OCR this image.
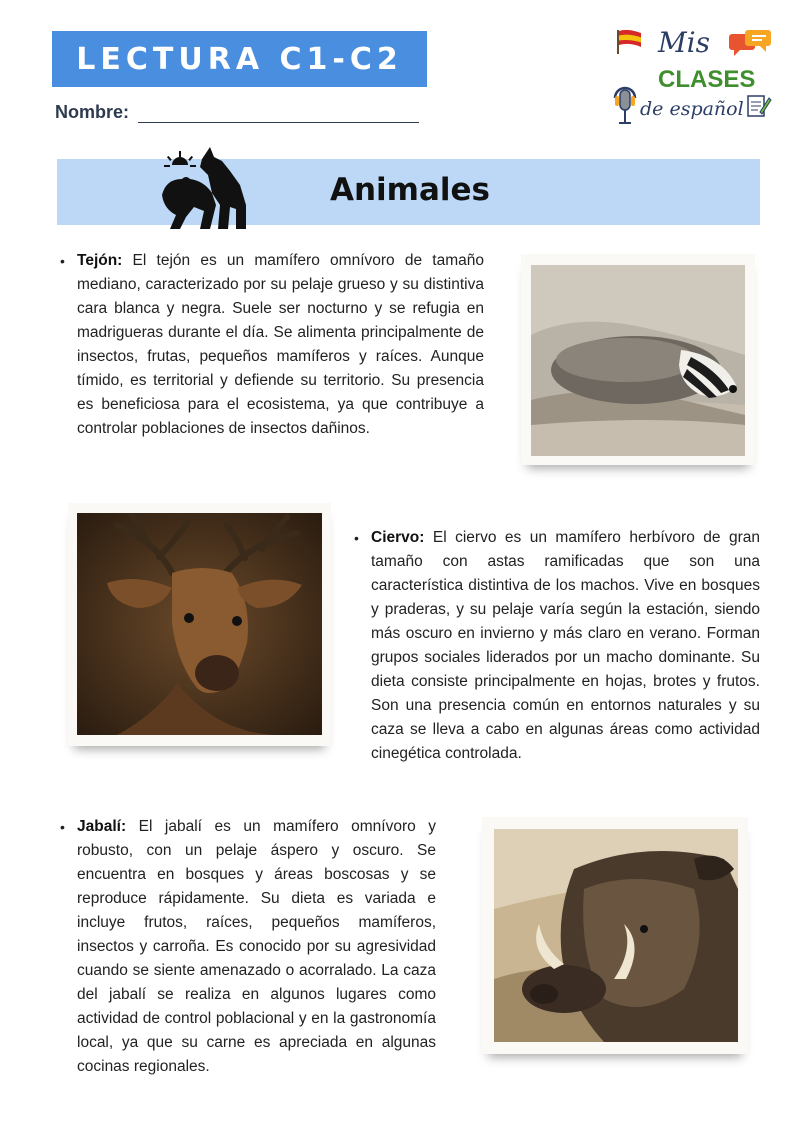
LECTURA C1-C2
Nombre:
Mis
CLASES
de español
Animales

• Tejón: El tejón es un mamífero omnívoro de tamaño mediano, caracterizado por su pelaje grueso y su distintiva cara blanca y negra. Suele ser nocturno y se refugia en madrigueras durante el día. Se alimenta principalmente de insectos, frutas, pequeños mamíferos y raíces. Aunque tímido, es territorial y defiende su territorio. Su presencia es beneficiosa para el ecosistema, ya que contribuye a controlar poblaciones de insectos dañinos.

• Ciervo: El ciervo es un mamífero herbívoro de gran tamaño con astas ramificadas que son una característica distintiva de los machos. Vive en bosques y praderas, y su pelaje varía según la estación, siendo más oscuro en invierno y más claro en verano. Forman grupos sociales liderados por un macho dominante. Su dieta consiste principalmente en hojas, brotes y frutos. Son una presencia común en entornos naturales y su caza se lleva a cabo en algunas áreas como actividad cinegética controlada.

• Jabalí: El jabalí es un mamífero omnívoro y robusto, con un pelaje áspero y oscuro. Se encuentra en bosques y áreas boscosas y se reproduce rápidamente. Su dieta es variada e incluye frutos, raíces, pequeños mamíferos, insectos y carroña. Es conocido por su agresividad cuando se siente amenazado o acorralado. La caza del jabalí se realiza en algunos lugares como actividad de control poblacional y en la gastronomía local, ya que su carne es apreciada en algunas cocinas regionales.
